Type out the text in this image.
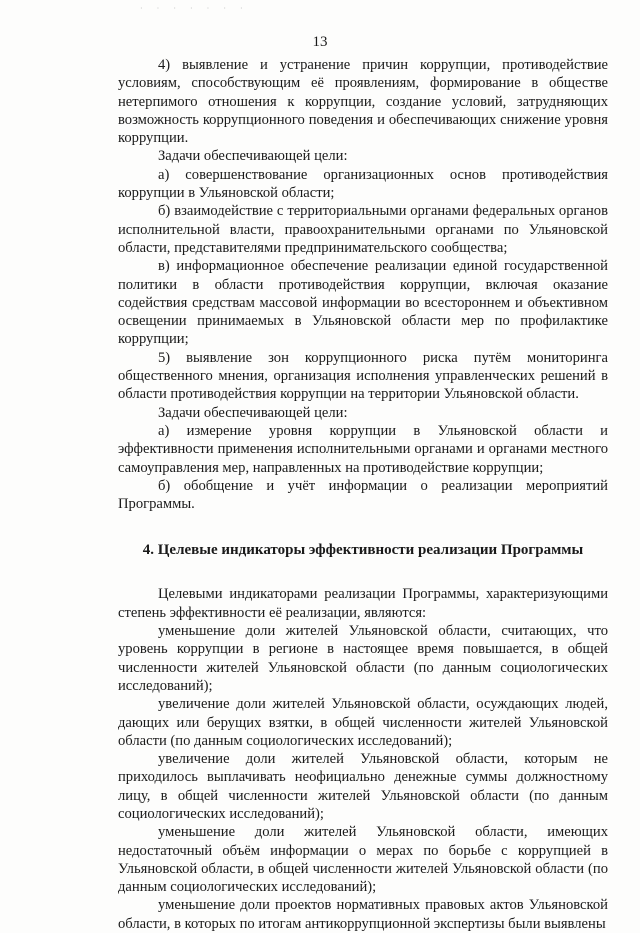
· · · · · · ·
13

4) выявление и устранение причин коррупции, противодействие условиям, способствующим её проявлениям, формирование в обществе нетерпимого отношения к коррупции, создание условий, затрудняющих возможность коррупционного поведения и обеспечивающих снижение уровня коррупции.

Задачи обеспечивающей цели:

а) совершенствование организационных основ противодействия коррупции в Ульяновской области;

б) взаимодействие с территориальными органами федеральных органов исполнительной власти, правоохранительными органами по Ульяновской области, представителями предпринимательского сообщества;

в) информационное обеспечение реализации единой государственной политики в области противодействия коррупции, включая оказание содействия средствам массовой информации во всестороннем и объективном освещении принимаемых в Ульяновской области мер по профилактике коррупции;

5) выявление зон коррупционного риска путём мониторинга общественного мнения, организация исполнения управленческих решений в области противодействия коррупции на территории Ульяновской области.

Задачи обеспечивающей цели:

а) измерение уровня коррупции в Ульяновской области и эффективности применения исполнительными органами и органами местного самоуправления мер, направленных на противодействие коррупции;

б) обобщение и учёт информации о реализации мероприятий Программы.

4. Целевые индикаторы эффективности реализации Программы

Целевыми индикаторами реализации Программы, характеризующими степень эффективности её реализации, являются:

уменьшение доли жителей Ульяновской области, считающих, что уровень коррупции в регионе в настоящее время повышается, в общей численности жителей Ульяновской области (по данным социологических исследований);

увеличение доли жителей Ульяновской области, осуждающих людей, дающих или берущих взятки, в общей численности жителей Ульяновской области (по данным социологических исследований);

увеличение доли жителей Ульяновской области, которым не приходилось выплачивать неофициально денежные суммы должностному лицу, в общей численности жителей Ульяновской области (по данным социологических исследований);

уменьшение доли жителей Ульяновской области, имеющих недостаточный объём информации о мерах по борьбе с коррупцией в Ульяновской области, в общей численности жителей Ульяновской области (по данным социологических исследований);

уменьшение доли проектов нормативных правовых актов Ульяновской области, в которых по итогам антикоррупционной экспертизы были выявлены
